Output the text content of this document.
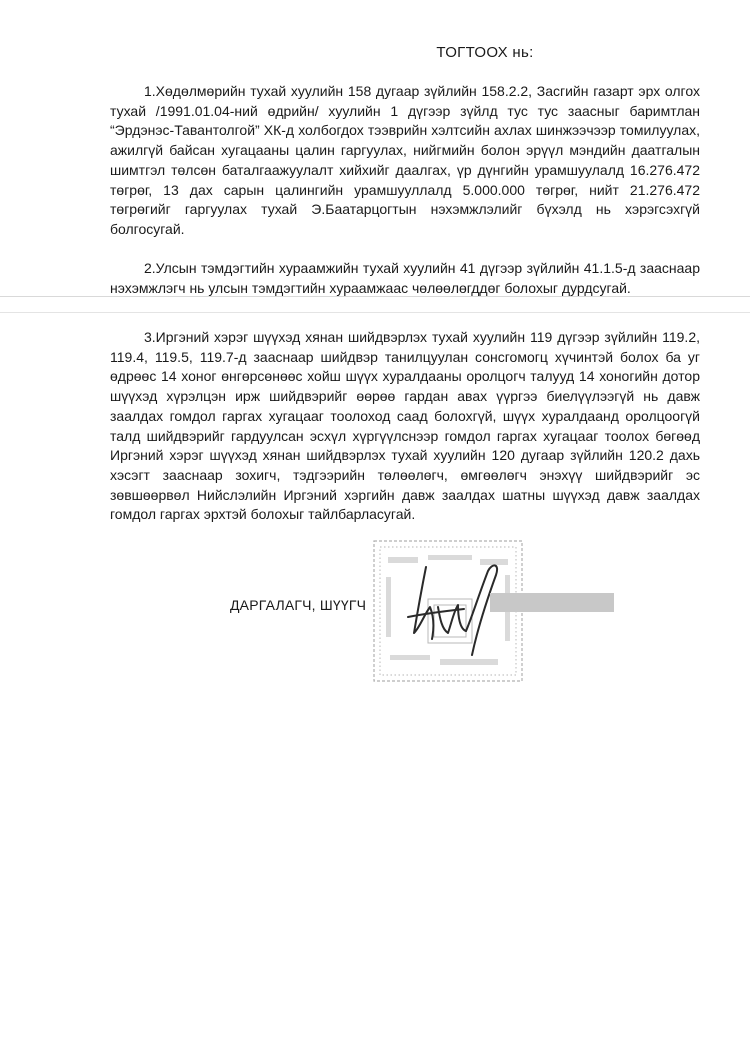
ТОГТООХ нь:
1.Хөдөлмөрийн тухай хуулийн 158 дугаар зүйлийн 158.2.2, Засгийн газарт эрх олгох тухай /1991.01.04-ний өдрийн/ хуулийн 1 дүгээр зүйлд тус тус заасныг баримтлан “Эрдэнэс-Тавантолгой” ХК-д холбогдох тээврийн хэлтсийн ахлах шинжээчээр томилуулах, ажилгүй байсан хугацааны цалин гаргуулах, нийгмийн болон эрүүл мэндийн даатгалын шимтгэл төлсөн баталгаажуулалт хийхийг даалгах, үр дүнгийн урамшуулалд 16.276.472 төгрөг, 13 дах сарын цалингийн урамшууллалд 5.000.000 төгрөг, нийт 21.276.472 төгрөгийг гаргуулах тухай Э.Баатарцогтын нэхэмжлэлийг бүхэлд нь хэрэгсэхгүй болгосугай.
2.Улсын тэмдэгтийн хураамжийн тухай хуулийн 41 дүгээр зүйлийн 41.1.5-д зааснаар нэхэмжлэгч нь улсын тэмдэгтийн хураамжаас чөлөөлөгддөг болохыг дурдсугай.
3.Иргэний хэрэг шүүхэд хянан шийдвэрлэх тухай хуулийн 119 дүгээр зүйлийн 119.2, 119.4, 119.5, 119.7-д зааснаар шийдвэр танилцуулан сонсгомогц хүчинтэй болох ба уг өдрөөс 14 хоног өнгөрсөнөөс хойш шүүх хуралдааны оролцогч талууд 14 хоногийн дотор шүүхэд хүрэлцэн ирж шийдвэрийг өөрөө гардан авах үүргээ биелүүлээгүй нь давж заалдах гомдол гаргах хугацааг тоолоход саад болохгүй, шүүх хуралдаанд оролцоогүй талд шийдвэрийг гардуулсан эсхүл хүргүүлснээр гомдол гаргах хугацааг тоолох бөгөөд Иргэний хэрэг шүүхэд хянан шийдвэрлэх тухай хуулийн 120 дугаар зүйлийн 120.2 дахь хэсэгт зааснаар зохигч, тэдгээрийн төлөөлөгч, өмгөөлөгч энэхүү шийдвэрийг эс зөвшөөрвөл Нийслэлийн Иргэний хэргийн давж заалдах шатны шүүхэд давж заалдах гомдол гаргах эрхтэй болохыг тайлбарласугай.
ДАРГАЛАГЧ, ШҮҮГЧ
